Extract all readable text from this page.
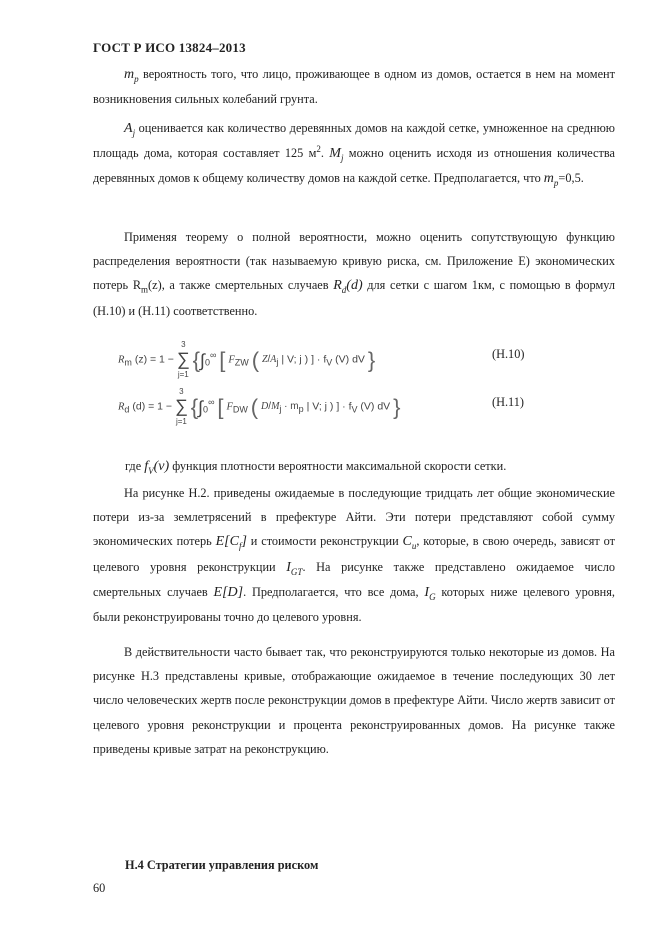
ГОСТ Р ИСО 13824–2013
$m_p$ вероятность того, что лицо, проживающее в одном из домов, остается в нем на момент возникновения сильных колебаний грунта.
$A_j$ оценивается как количество деревянных домов на каждой сетке, умноженное на среднюю площадь дома, которая составляет 125 $м^2$. $M_j$ можно оценить исходя из отношения количества деревянных домов к общему количеству домов на каждой сетке. Предполагается, что $m_p=0,5$.
Применяя теорему о полной вероятности, можно оценить сопутствующую функцию распределения вероятности (так называемую кривую риска, см. Приложение Е) экономических потерь $R_m(z)$, а также смертельных случаев $R_d(d)$ для сетки с шагом 1км, с помощью в формул (Н.10) и (Н.11) соответственно.
$R_m$ (z) = 1 −
3
∑
j=1
{$\int_0^\infty$ [ $F_{ZW}$ ( $Z/A_j$ | V; j ) ] · $f_V$ (V) dV }	(Н.10)
$R_d$ (d) = 1 −
3
∑
j=1
{$\int_0^\infty$ [ $F_{DW}$ ( $D/M_j \cdot m_p$ | V; j ) ] · $f_V$ (V) dV }	(Н.11)
где $f_V(v)$ функция плотности вероятности максимальной скорости сетки.
На рисунке Н.2. приведены ожидаемые в последующие тридцать лет общие экономические потери из-за землетрясений в префектуре Айти. Эти потери представляют собой сумму экономических потерь $E[C_f]$ и стоимости реконструкции $C_u$, которые, в свою очередь, зависят от целевого уровня реконструкции $I_{GT}$. На рисунке также представлено ожидаемое число смертельных случаев E[D]. Предполагается, что все дома, $I_G$ которых ниже целевого уровня, были реконструированы точно до целевого уровня.
В действительности часто бывает так, что реконструируются только некоторые из домов. На рисунке Н.3 представлены кривые, отображающие ожидаемое в течение последующих 30 лет число человеческих жертв после реконструкции домов в префектуре Айти. Число жертв зависит от целевого уровня реконструкции и процента реконструированных домов. На рисунке также приведены кривые затрат на реконструкцию.
Н.4 Стратегии управления риском
60
